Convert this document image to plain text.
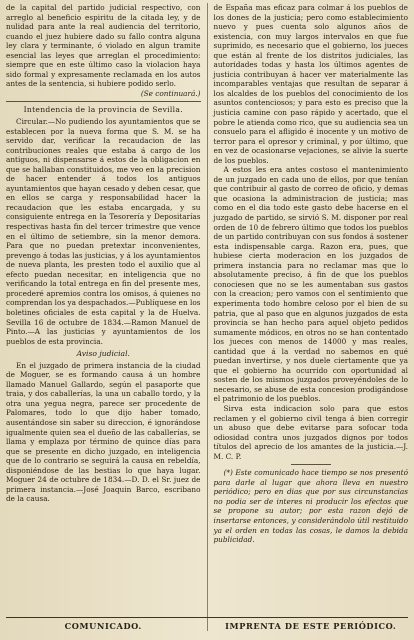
de la capital del partido judicial respectivo, con arreglo al beneficio espiritu de la citada ley, y de nulidad para ante la real audiencia del territorio, cuando el juez hubiere dado su fallo contra alguna ley clara y terminante, ó violado en algun tramite esencial las leyes que arreglan el procedimiento: siempre que en este último caso la violacion haya sido formal y expresamente reclamada en los autos antes de la sentencia, si hubiere podido serlo.

(Se continuará.)

Intendencia de la provincia de Sevilla.

Circular.—No pudiendo los ayuntamientos que se establecen por la nueva forma que S. M. se ha servido dar, verificar la recaudacion de las contribuciones reales que estaba á cargo de los antiguos, ni dispensarse á estos de la obligacion en que se hallaban constituidos, me veo en la precision de hacer entender á todos los antiguos ayuntamientos que hayan cesado y deben cesar, que en ellos se carga y responsabilidad hacer la recaudacion que les estaba encargada, y su consiguiente entrega en la Tesorería y Depositarías respectivas hasta fin del tercer trimestre que vence en el último de setiembre, sin la menor demora. Para que no puedan pretextar inconvenientes, prevengo á todas las justicias, y á los ayuntamientos de nueva planta, les presten todo el auxilio que al efecto puedan necesitar, en inteligencia que no verificando la total entrega en fin del presente mes, procederé apremios contra los omisos, á quienes no comprendan los ya despachados.—Publíquese en los boletines oficiales de esta capital y la de Huelva. Sevilla 16 de octubre de 1834.—Ramon Manuel de Pinto.—A las justicias y ayuntamientos de los pueblos de esta provincia.

Aviso judicial.

En el juzgado de primera instancia de la ciudad de Moguer, se es formando causa á un hombre llamado Manuel Gallardo, según el pasaporte que traia, y dos caballerías, la una un caballo tordo, y la otra una yegua negra, parece ser procedente de Palomares, todo lo que dijo haber tomado, ausentándose sin saber su direccion, é ignorándose igualmente quien sea el dueño de las caballerías, se llama y emplaza por término de quince días para que se presente en dicho juzgado, en inteligencia que de lo contrario se seguirá la causa en rebeldía, disponiéndose de las bestias lo que haya lugar. Moguer 24 de octubre de 1834.—D. D. el Sr. juez de primera instancia.—José Joaquin Barco, escribano de la causa.

de España mas eficaz para colmar á los pueblos de los dones de la justicia; pero como establecimiento nuevo y pues cuenta solo algunos años de existencia, con muy largos intervalos en que fue suprimido, es necesario que el gobierno, los jueces que están al frente de los distritos judiciales, las autoridades todas y hasta los últimos agentes de justicia contribuyan á hacer ver materialmente las incomparables ventajas que resultan de separar á los alcaldes de los pueblos del conocimiento de los asuntos contenciosos; y para esto es preciso que la justicia camine con paso rápido y acertado, que el pobre le atienda como rico, que su audiencia sea un consuelo para el afligido é inocente y un motivo de terror para el opresor y criminal, y por último, que en vez de ocasionarse vejaciones, se alivie la suerte de los pueblos.

A estos les era antes costoso el mantenimiento de un juzgado en cada uno de ellos, por que tenían que contribuir al gasto de correo de oficio, y demas que ocasiona la administracion de justicia; mas como en el dia todo este gasto debe hacerse en el juzgado de partido, se sirvió S. M. disponer por real orden de 10 de febrero último que todos los pueblos de un partido contribuyan con sus fondos á sostener esta indispensable carga. Razon era, pues, que hubiese cierta moderacion en los juzgados de primera instancia para no reclamar mas que lo absolutamente preciso, á fin de que los pueblos conociesen que no se les aumentaban sus gastos con la creacion; pero vamos con el sentimiento que experimenta todo hombre celoso por el bien de su patria, que al paso que en algunos juzgados de esta provincia se han hecho para aquel objeto pedidos sumamente módicos, en otros no se han contentado los jueces con menos de 14000 y mas reales, cantidad que á la verdad no sabemos en qué puedan invertirse, y nos duele ciertamente que ya que el gobierno ha ocurrido con oportunidad al sosten de los mismos juzgados proveyéndoles de lo necesario, se abuse de esta concesion prodigándose el patrimonio de los pueblos.

Sirva esta indicacion solo para que estos reclamen y el gobierno civil tenga á bien corregir un abuso que debe evitarse para sofocar toda odiosidad contra unos juzgados dignos por todos títulos del aprecio de los amantes de la justicia.—J. M. C. P.

(*) Este comunicado hace tiempo se nos presentó para darle al lugar que ahora lleva en nuestro periódico; pero en dias que por sus circunstancias no podia ser de interes ni producir los efectos que se propone su autor; por esta razon dejó de insertarse entonces, y considerándolo útil restituido ya el orden en todas las cosas, le damos la debida publicidad.

COMUNICADO.	IMPRENTA DE ESTE PERIÓDICO.
